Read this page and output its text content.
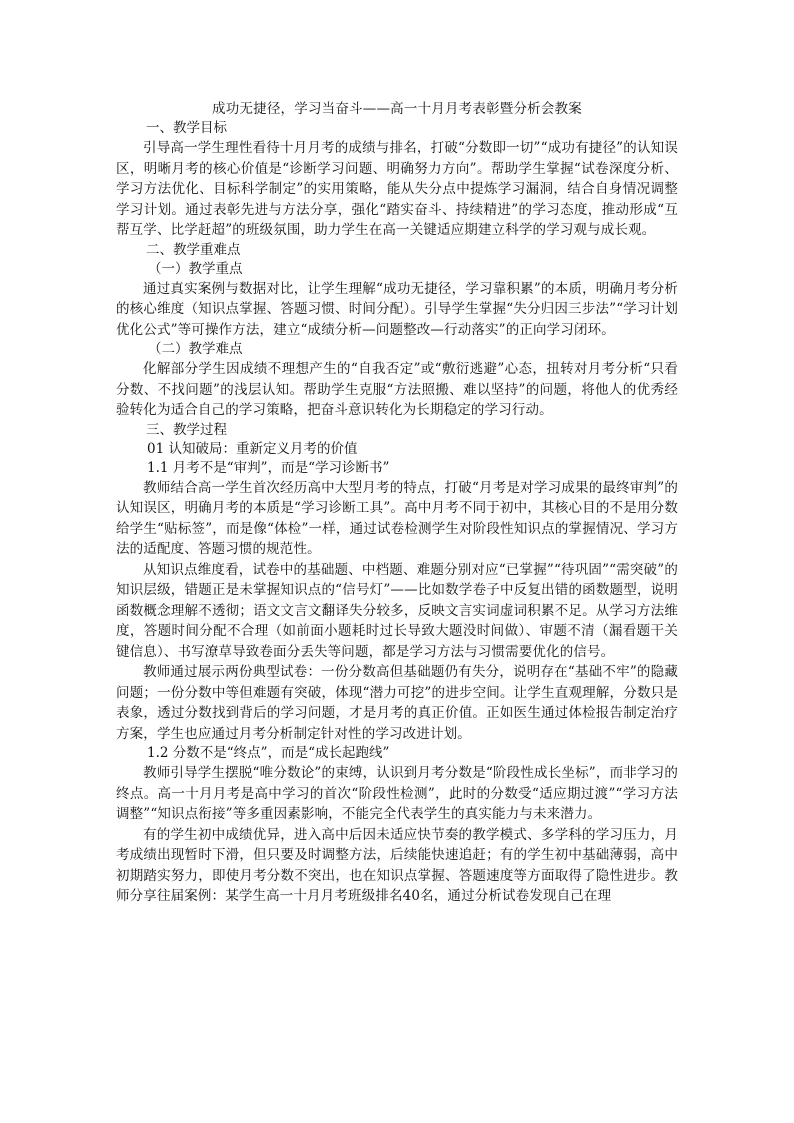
成功无捷径，学习当奋斗——高一十月月考表彰暨分析会教案

一、教学目标

引导高一学生理性看待十月月考的成绩与排名，打破“分数即一切”“成功有捷径”的认知误区，明晰月考的核心价值是“诊断学习问题、明确努力方向”。帮助学生掌握“试卷深度分析、学习方法优化、目标科学制定”的实用策略，能从失分点中提炼学习漏洞，结合自身情况调整学习计划。通过表彰先进与方法分享，强化“踏实奋斗、持续精进”的学习态度，推动形成“互帮互学、比学赶超”的班级氛围，助力学生在高一关键适应期建立科学的学习观与成长观。

二、教学重难点

（一）教学重点

通过真实案例与数据对比，让学生理解“成功无捷径，学习靠积累”的本质，明确月考分析的核心维度（知识点掌握、答题习惯、时间分配）。引导学生掌握“失分归因三步法”“学习计划优化公式”等可操作方法，建立“成绩分析—问题整改—行动落实”的正向学习闭环。

（二）教学难点

化解部分学生因成绩不理想产生的“自我否定”或“敷衍逃避”心态，扭转对月考分析“只看分数、不找问题”的浅层认知。帮助学生克服“方法照搬、难以坚持”的问题，将他人的优秀经验转化为适合自己的学习策略，把奋斗意识转化为长期稳定的学习行动。

三、教学过程

01 认知破局：重新定义月考的价值

1.1 月考不是“审判”，而是“学习诊断书”

教师结合高一学生首次经历高中大型月考的特点，打破“月考是对学习成果的最终审判”的认知误区，明确月考的本质是“学习诊断工具”。高中月考不同于初中，其核心目的不是用分数给学生“贴标签”，而是像“体检”一样，通过试卷检测学生对阶段性知识点的掌握情况、学习方法的适配度、答题习惯的规范性。

从知识点维度看，试卷中的基础题、中档题、难题分别对应“已掌握”“待巩固”“需突破”的知识层级，错题正是未掌握知识点的“信号灯”——比如数学卷子中反复出错的函数题型，说明函数概念理解不透彻；语文文言文翻译失分较多，反映文言实词虚词积累不足。从学习方法维度，答题时间分配不合理（如前面小题耗时过长导致大题没时间做）、审题不清（漏看题干关键信息）、书写潦草导致卷面分丢失等问题，都是学习方法与习惯需要优化的信号。

教师通过展示两份典型试卷：一份分数高但基础题仍有失分，说明存在“基础不牢”的隐藏问题；一份分数中等但难题有突破，体现“潜力可挖”的进步空间。让学生直观理解，分数只是表象，透过分数找到背后的学习问题，才是月考的真正价值。正如医生通过体检报告制定治疗方案，学生也应通过月考分析制定针对性的学习改进计划。

1.2 分数不是“终点”，而是“成长起跑线”

教师引导学生摆脱“唯分数论”的束缚，认识到月考分数是“阶段性成长坐标”，而非学习的终点。高一十月月考是高中学习的首次“阶段性检测”，此时的分数受“适应期过渡”“学习方法调整”“知识点衔接”等多重因素影响，不能完全代表学生的真实能力与未来潜力。

有的学生初中成绩优异，进入高中后因未适应快节奏的教学模式、多学科的学习压力，月考成绩出现暂时下滑，但只要及时调整方法，后续能快速追赶；有的学生初中基础薄弱，高中初期踏实努力，即使月考分数不突出，也在知识点掌握、答题速度等方面取得了隐性进步。教师分享往届案例：某学生高一十月月考班级排名40名，通过分析试卷发现自己在理
